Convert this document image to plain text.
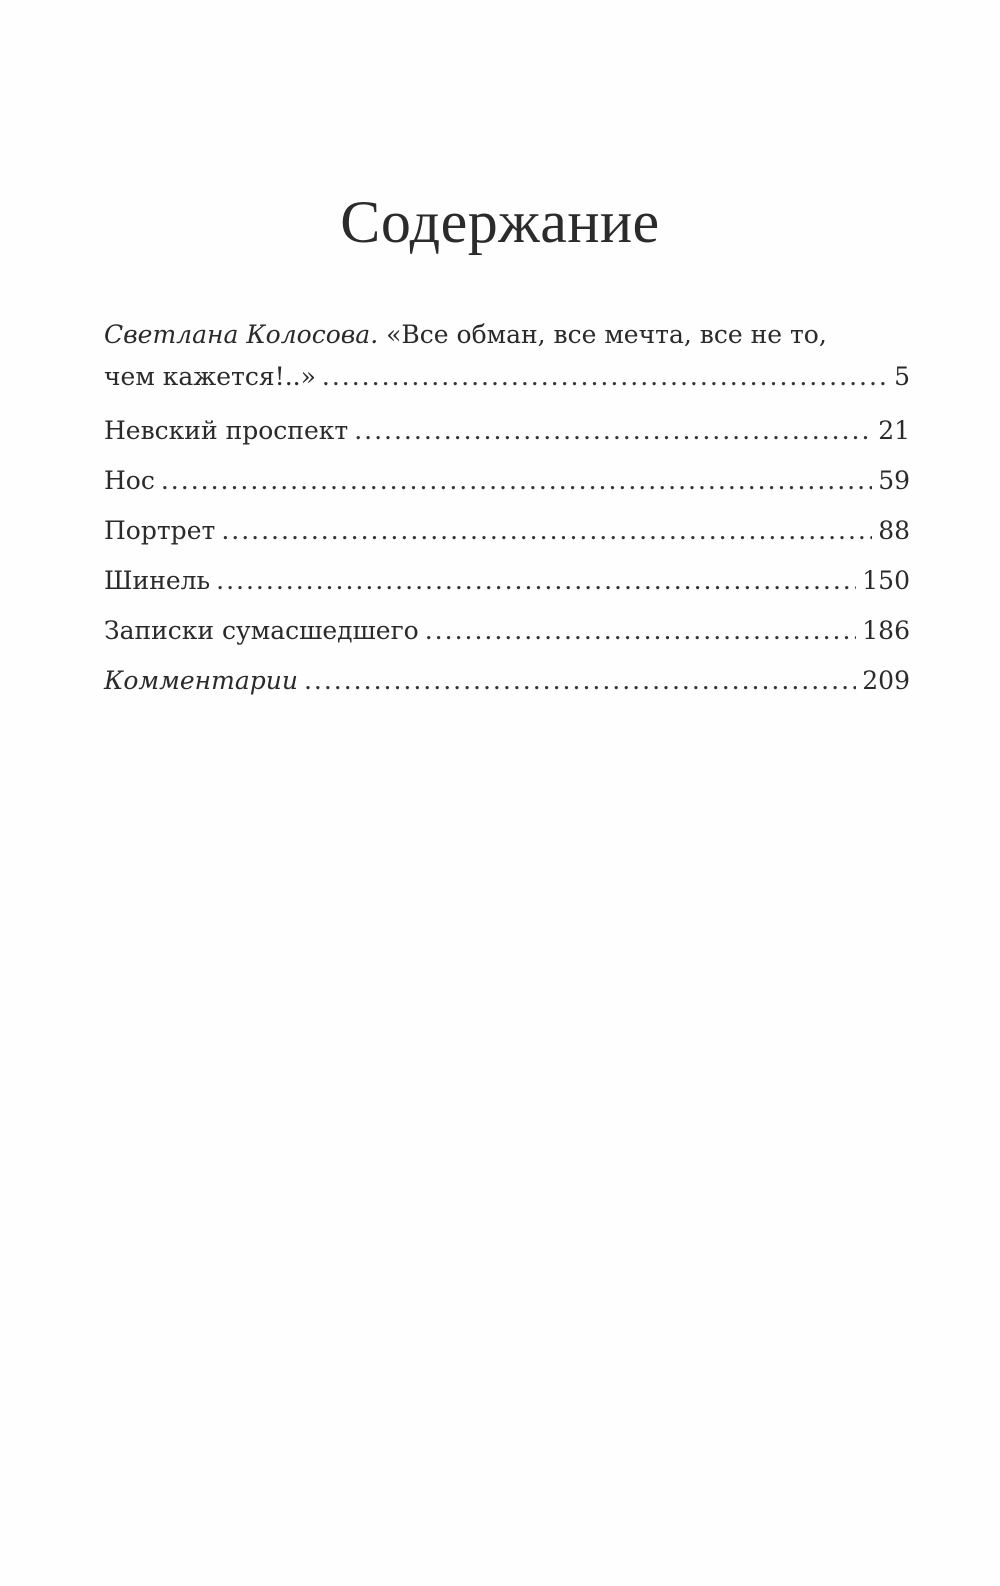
Содержание
Светлана Колосова. «Все обман, все мечта, все не то,
чем кажется!..» .....	5
Невский проспект .....	21
Нос .....	59
Портрет .....	88
Шинель .....	150
Записки сумасшедшего .....	186
Комментарии .....	209
